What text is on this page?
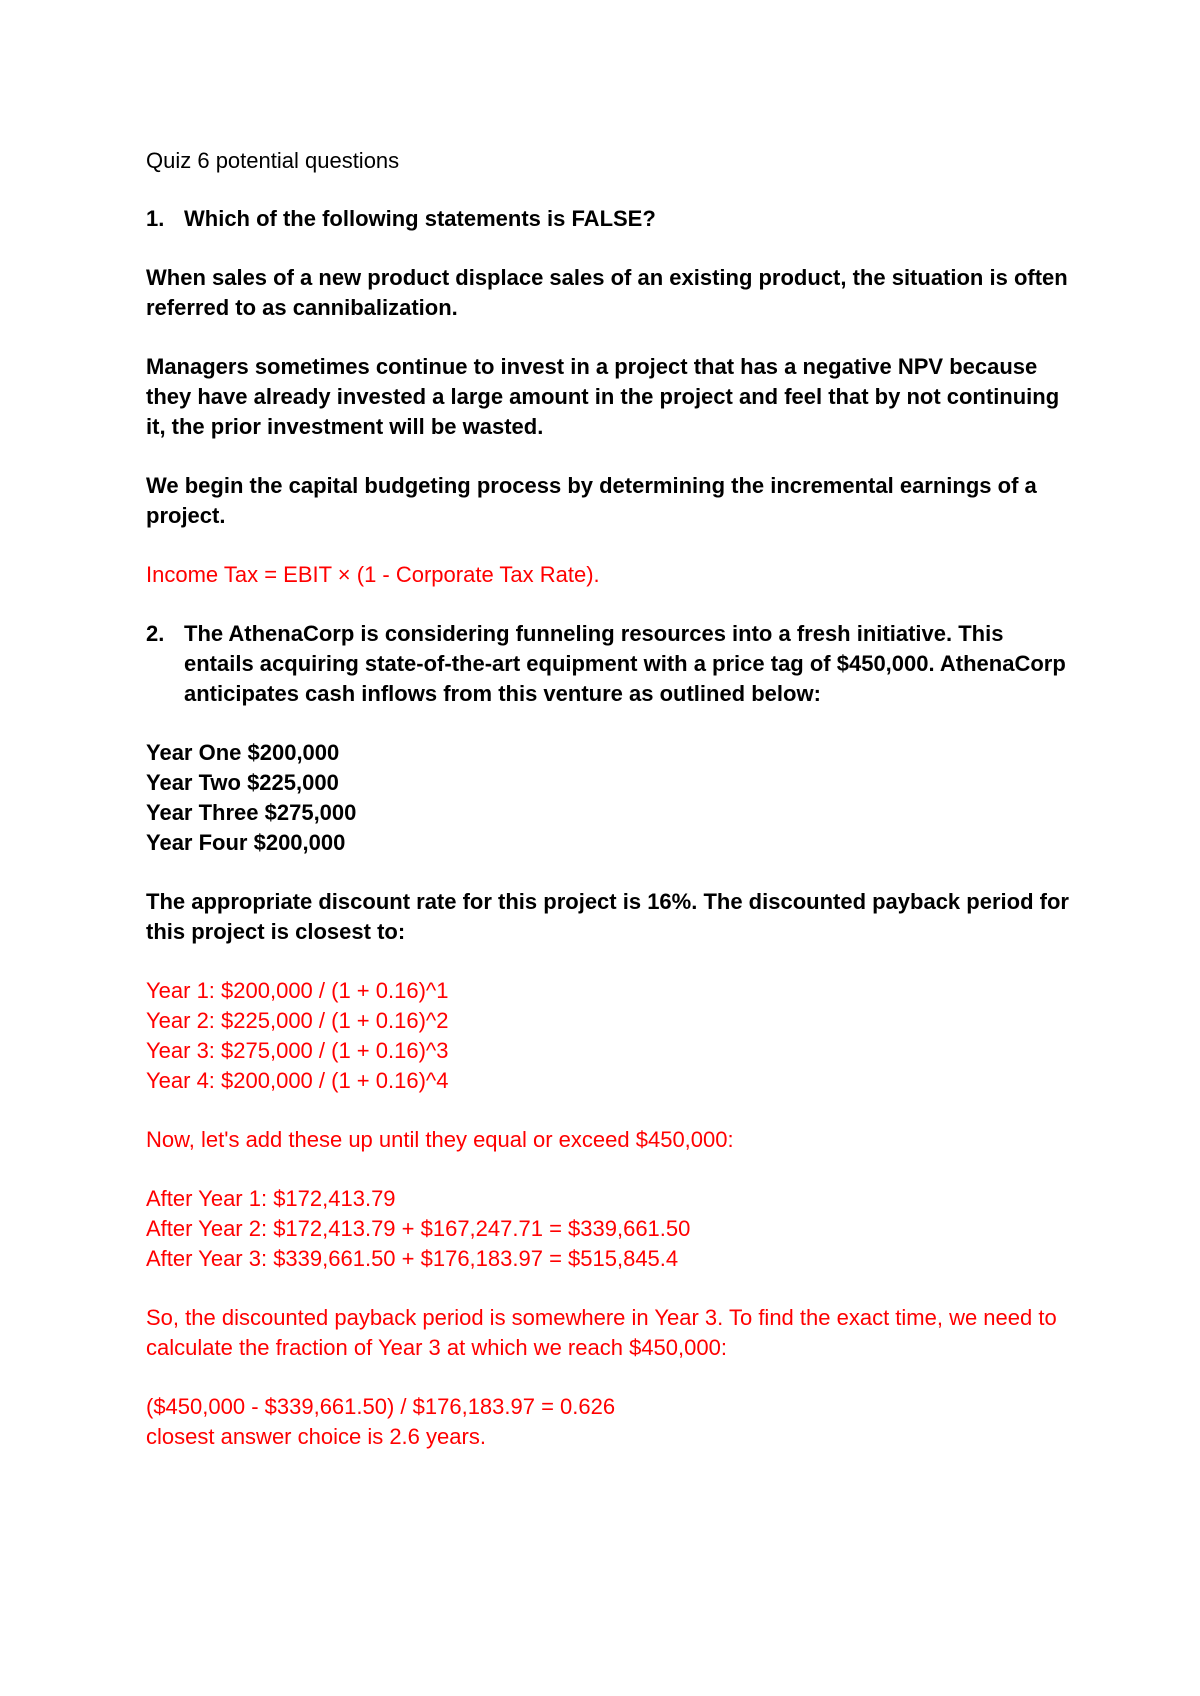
Quiz 6 potential questions
1. Which of the following statements is FALSE?

When sales of a new product displace sales of an existing product, the situation is often referred to as cannibalization.

Managers sometimes continue to invest in a project that has a negative NPV because they have already invested a large amount in the project and feel that by not continuing it, the prior investment will be wasted.

We begin the capital budgeting process by determining the incremental earnings of a project.

Income Tax = EBIT × (1 - Corporate Tax Rate).

2. The AthenaCorp is considering funneling resources into a fresh initiative. This entails acquiring state-of-the-art equipment with a price tag of $450,000. AthenaCorp anticipates cash inflows from this venture as outlined below:
Year One $200,000
Year Two $225,000
Year Three $275,000
Year Four $200,000

The appropriate discount rate for this project is 16%. The discounted payback period for this project is closest to:

Year 1: $200,000 / (1 + 0.16)^1
Year 2: $225,000 / (1 + 0.16)^2
Year 3: $275,000 / (1 + 0.16)^3
Year 4: $200,000 / (1 + 0.16)^4

Now, let's add these up until they equal or exceed $450,000:

After Year 1: $172,413.79
After Year 2: $172,413.79 + $167,247.71 = $339,661.50
After Year 3: $339,661.50 + $176,183.97 = $515,845.4

So, the discounted payback period is somewhere in Year 3. To find the exact time, we need to calculate the fraction of Year 3 at which we reach $450,000:

($450,000 - $339,661.50) / $176,183.97 = 0.626
closest answer choice is 2.6 years.
